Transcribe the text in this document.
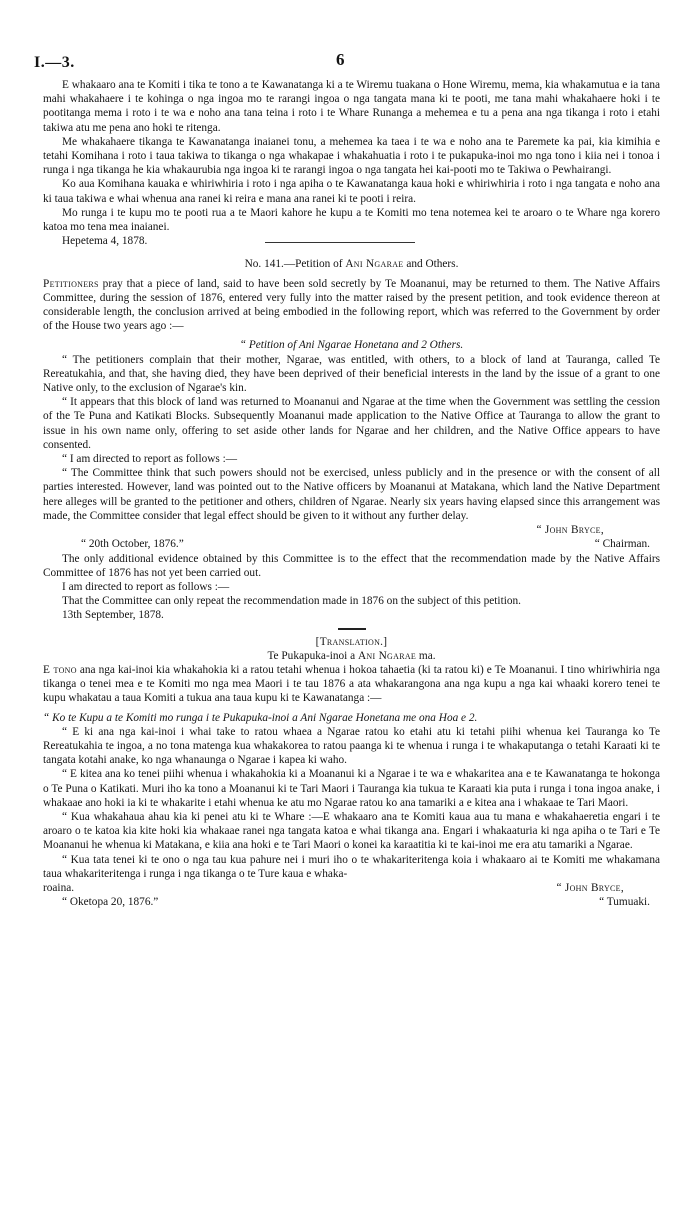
I.—3.	6

E whakaaro ana te Komiti i tika te tono a te Kawanatanga ki a te Wiremu tuakana o Hone Wiremu, mema, kia whakamutua e ia tana mahi whakahaere i te kohinga o nga ingoa mo te rarangi ingoa o nga tangata mana ki te pooti, me tana mahi whakahaere hoki i te pootitanga mema i roto i te wa e noho ana tana teina i roto i te Whare Runanga a mehemea e tu a pena ana nga tikanga i roto i etahi takiwa atu me pena ano hoki te ritenga.

Me whakahaere tikanga te Kawanatanga inaianei tonu, a mehemea ka taea i te wa e noho ana te Paremete ka pai, kia kimihia e tetahi Komihana i roto i taua takiwa to tikanga o nga whakapae i whakahuatia i roto i te pukapuka-inoi mo nga tono i kiia nei i tonoa i runga i nga tikanga he kia whakaurubia nga ingoa ki te rarangi ingoa o nga tangata hei kai-pooti mo te Takiwa o Pewhairangi.

Ko aua Komihana kauaka e whiriwhiria i roto i nga apiha o te Kawanatanga kaua hoki e whiriwhiria i roto i nga tangata e noho ana ki taua takiwa e whai whenua ana ranei ki reira e mana ana ranei ki te pooti i reira.

Mo runga i te kupu mo te pooti rua a te Maori kahore he kupu a te Komiti mo tena notemea kei te aroaro o te Whare nga korero katoa mo tena mea inaianei.

Hepetema 4, 1878.

No. 141.—Petition of Ani Ngarae and Others.

Petitioners pray that a piece of land, said to have been sold secretly by Te Moananui, may be returned to them. The Native Affairs Committee, during the session of 1876, entered very fully into the matter raised by the present petition, and took evidence thereon at considerable length, the conclusion arrived at being embodied in the following report, which was referred to the Government by order of the House two years ago :—

“ Petition of Ani Ngarae Honetana and 2 Others.

“ The petitioners complain that their mother, Ngarae, was entitled, with others, to a block of land at Tauranga, called Te Rereatukahia, and that, she having died, they have been deprived of their beneficial interests in the land by the issue of a grant to one Native only, to the exclusion of Ngarae's kin.

“ It appears that this block of land was returned to Moananui and Ngarae at the time when the Government was settling the cession of the Te Puna and Katikati Blocks. Subsequently Moananui made application to the Native Office at Tauranga to allow the grant to issue in his own name only, offering to set aside other lands for Ngarae and her children, and the Native Office appears to have consented.

“ I am directed to report as follows :—

“ The Committee think that such powers should not be exercised, unless publicly and in the presence or with the consent of all parties interested. However, land was pointed out to the Native officers by Moananui at Matakana, which land the Native Department here alleges will be granted to the petitioner and others, children of Ngarae. Nearly six years having elapsed since this arrangement was made, the Committee consider that legal effect should be given to it without any further delay.

“ John Bryce,

“ 20th October, 1876.”	“ Chairman.

The only additional evidence obtained by this Committee is to the effect that the recommendation made by the Native Affairs Committee of 1876 has not yet been carried out.

I am directed to report as follows :—

That the Committee can only repeat the recommendation made in 1876 on the subject of this petition.

13th September, 1878.

[Translation.]

Te Pukapuka-inoi a Ani Ngarae ma.

E tono ana nga kai-inoi kia whakahokia ki a ratou tetahi whenua i hokoa tahaetia (ki ta ratou ki) e Te Moananui. I tino whiriwhiria nga tikanga o tenei mea e te Komiti mo nga mea Maori i te tau 1876 a ata whakarangona ana nga kupu a nga kai whaaki korero tenei te kupu whakatau a taua Komiti a tukua ana taua kupu ki te Kawanatanga :—

“ Ko te Kupu a te Komiti mo runga i te Pukapuka-inoi a Ani Ngarae Honetana me ona Hoa e 2.

“ E ki ana nga kai-inoi i whai take to ratou whaea a Ngarae ratou ko etahi atu ki tetahi piihi whenua kei Tauranga ko Te Rereatukahia te ingoa, a no tona matenga kua whakakorea to ratou paanga ki te whenua i runga i te whakaputanga o tetahi Karaati ki te tangata kotahi anake, ko nga whanaunga o Ngarae i kapea ki waho.

“ E kitea ana ko tenei piihi whenua i whakahokia ki a Moananui ki a Ngarae i te wa e whakaritea ana e te Kawanatanga te hokonga o Te Puna o Katikati. Muri iho ka tono a Moananui ki te Tari Maori i Tauranga kia tukua te Karaati kia puta i runga i tona ingoa anake, i whakaae ano hoki ia ki te whakarite i etahi whenua ke atu mo Ngarae ratou ko ana tamariki a e kitea ana i whakaae te Tari Maori.

“ Kua whakahaua ahau kia ki penei atu ki te Whare :—E whakaaro ana te Komiti kaua aua tu mana e whakahaeretia engari i te aroaro o te katoa kia kite hoki kia whakaae ranei nga tangata katoa e whai tikanga ana. Engari i whakaaturia ki nga apiha o te Tari e Te Moananui he whenua ki Matakana, e kiia ana hoki e te Tari Maori o konei ka karaatitia ki te kai-inoi me era atu tamariki a Ngarae.

“ Kua tata tenei ki te ono o nga tau kua pahure nei i muri iho o te whakariteritenga koia i whakaaro ai te Komiti me whakamana taua whakariteritenga i runga i nga tikanga o te Ture kaua e whaka-

roaina.	“ John Bryce,
“ Oketopa 20, 1876.”	“ Tumuaki.
